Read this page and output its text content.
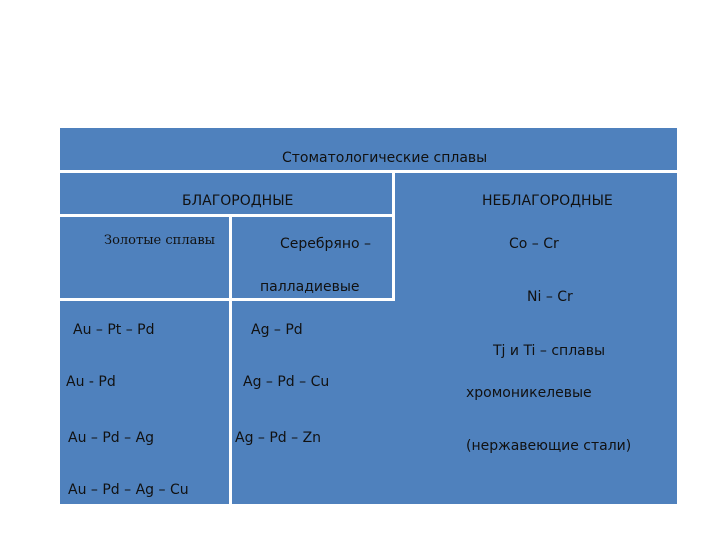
Стоматологические сплавы
БЛАГОРОДНЫЕ	НЕБЛАГОРОДНЫЕ
Золотые сплавы	Серебряно –
палладиевые
Au – Pt – Pd
Au - Pd
Au – Pd – Ag
Au – Pd – Ag – Cu
Ag – Pd
Ag – Pd – Cu
Ag – Pd – Zn
Co – Cr
Ni – Cr
Tj и Ti – сплавы
хромоникелевые
(нержавеющие стали)
